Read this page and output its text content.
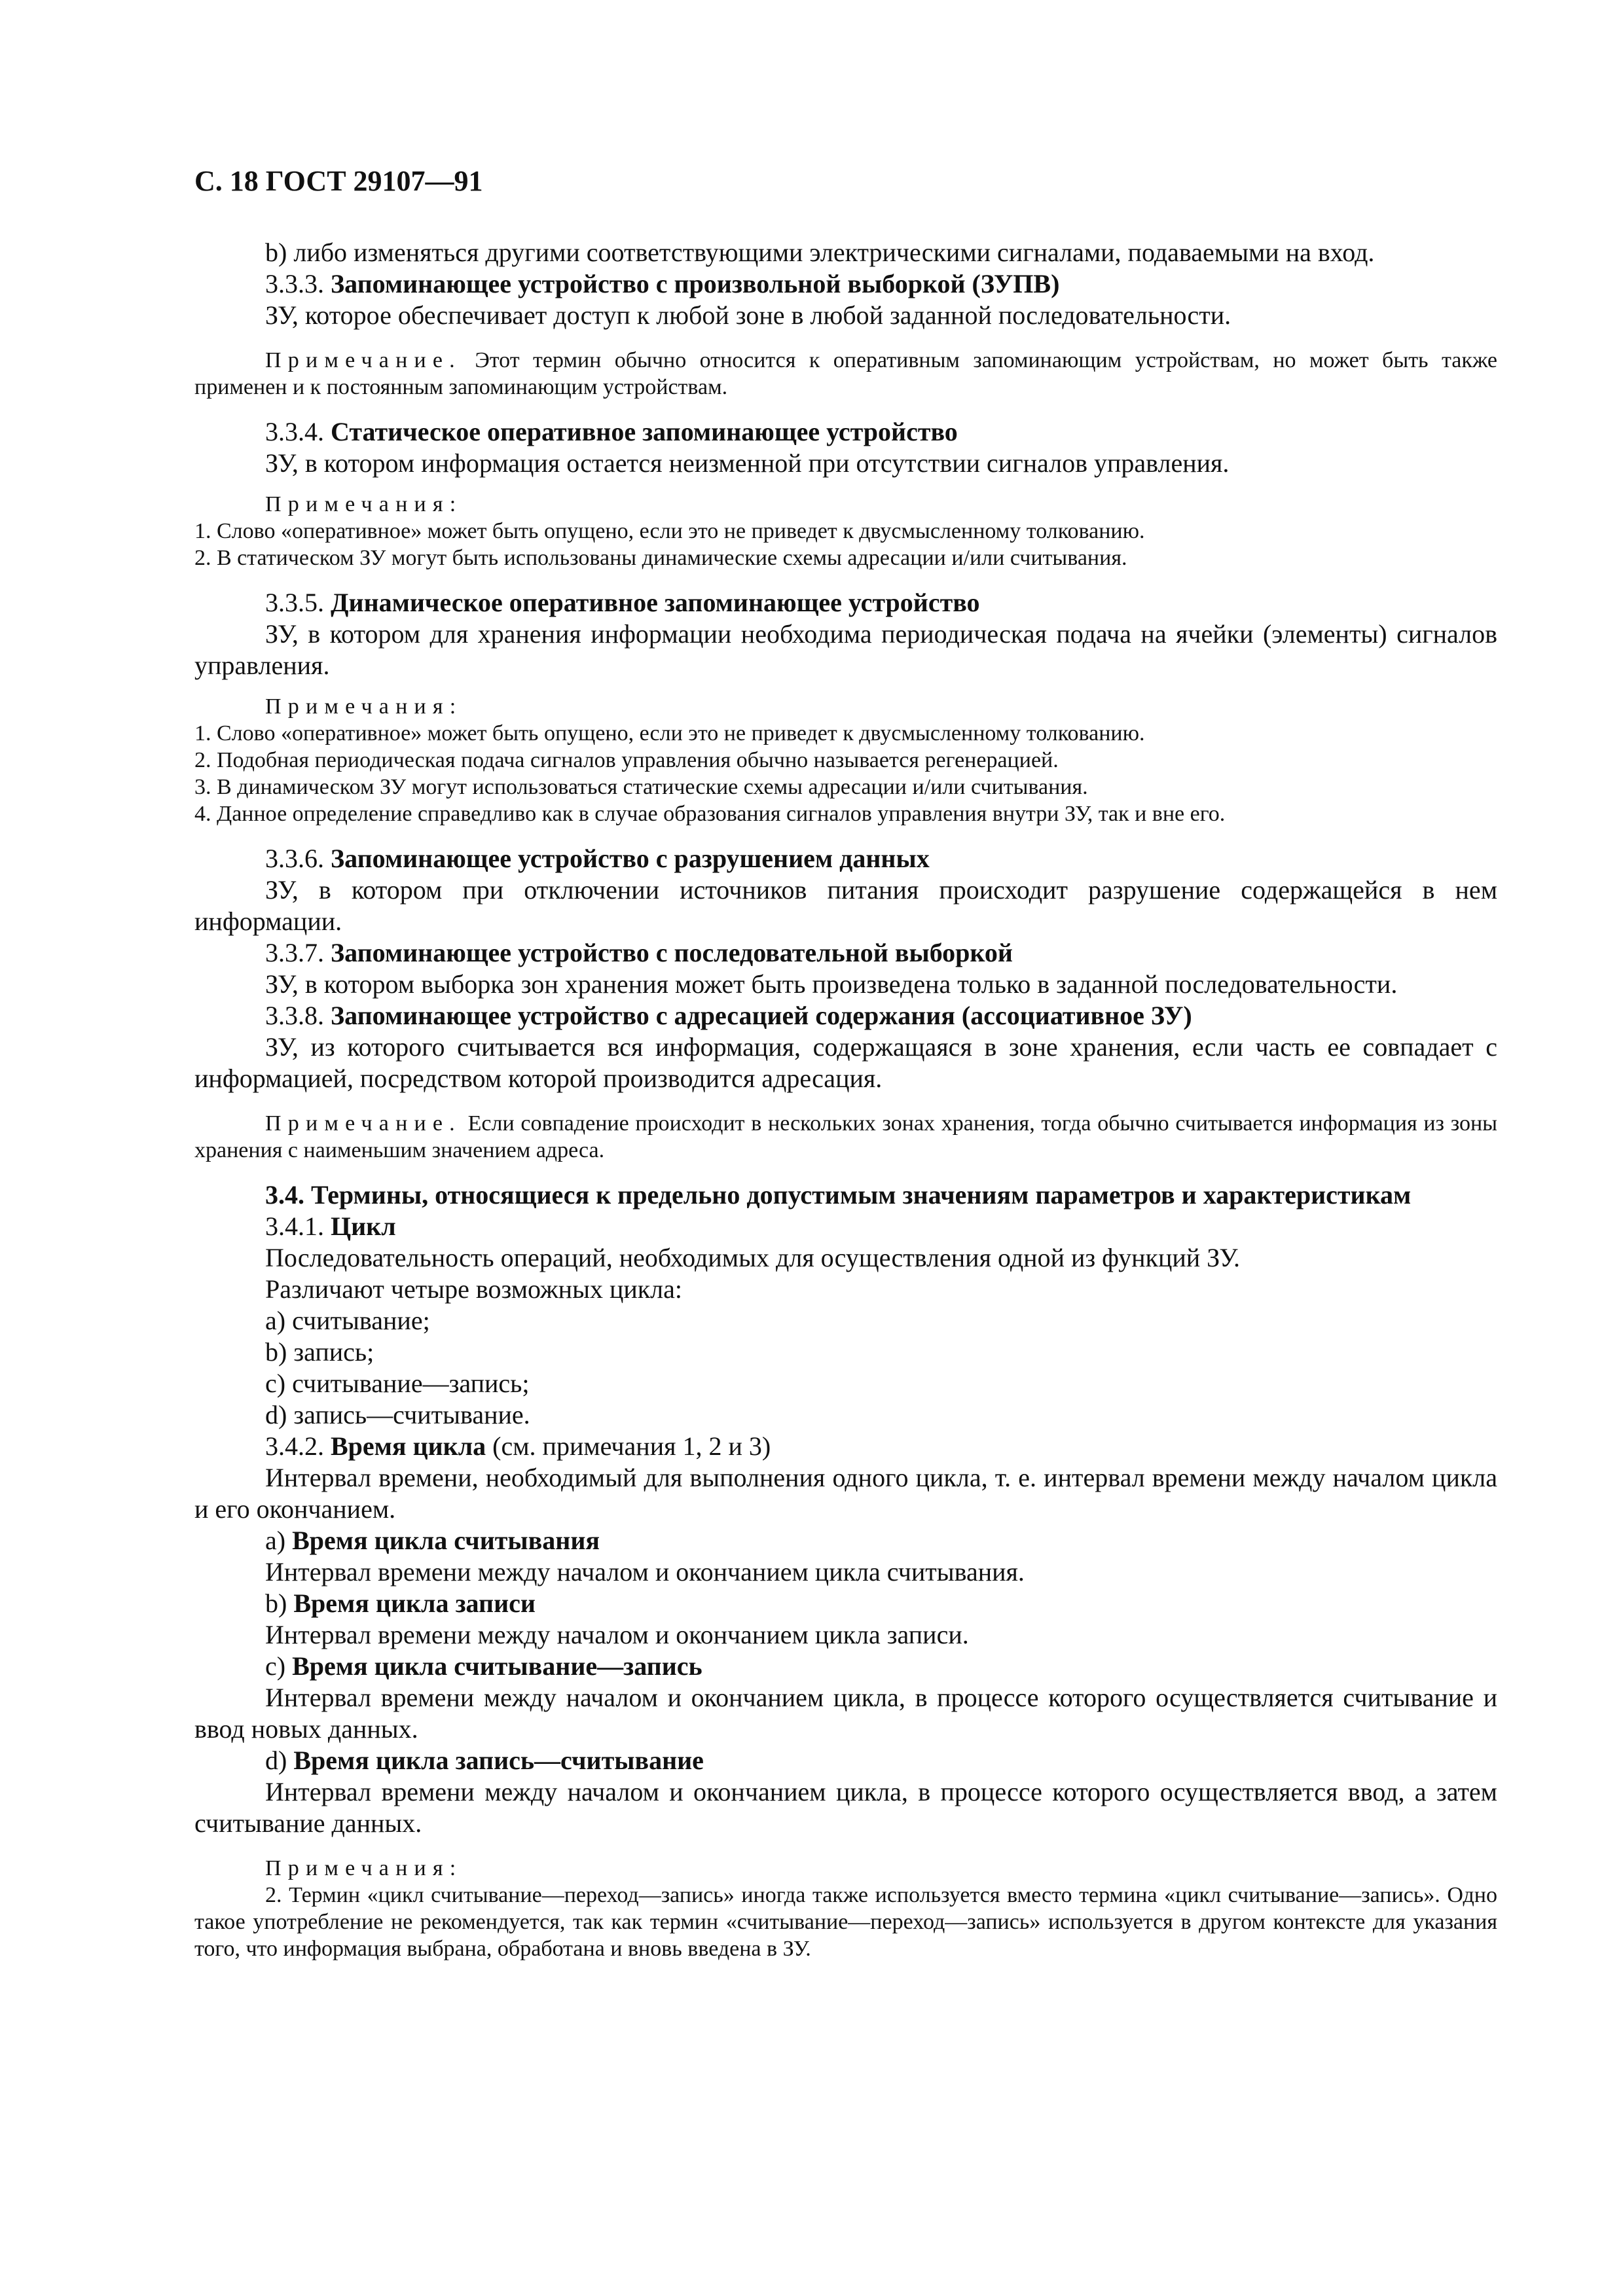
С. 18 ГОСТ 29107—91

b) либо изменяться другими соответствующими электрическими сигналами, подаваемыми на вход.

3.3.3. Запоминающее устройство с произвольной выборкой (ЗУПВ)

ЗУ, которое обеспечивает доступ к любой зоне в любой заданной последовательности.

Примечание. Этот термин обычно относится к оперативным запоминающим устройствам, но может быть также применен и к постоянным запоминающим устройствам.

3.3.4. Статическое оперативное запоминающее устройство

ЗУ, в котором информация остается неизменной при отсутствии сигналов управления.

Примечания:

1. Слово «оперативное» может быть опущено, если это не приведет к двусмысленному толкованию.

2. В статическом ЗУ могут быть использованы динамические схемы адресации и/или считывания.

3.3.5. Динамическое оперативное запоминающее устройство

ЗУ, в котором для хранения информации необходима периодическая подача на ячейки (элементы) сигналов управления.

Примечания:

1. Слово «оперативное» может быть опущено, если это не приведет к двусмысленному толкованию.

2. Подобная периодическая подача сигналов управления обычно называется регенерацией.

3. В динамическом ЗУ могут использоваться статические схемы адресации и/или считывания.

4. Данное определение справедливо как в случае образования сигналов управления внутри ЗУ, так и вне его.

3.3.6. Запоминающее устройство с разрушением данных

ЗУ, в котором при отключении источников питания происходит разрушение содержащейся в нем информации.

3.3.7. Запоминающее устройство с последовательной выборкой

ЗУ, в котором выборка зон хранения может быть произведена только в заданной последовательности.

3.3.8. Запоминающее устройство с адресацией содержания (ассоциативное ЗУ)

ЗУ, из которого считывается вся информация, содержащаяся в зоне хранения, если часть ее совпадает с информацией, посредством которой производится адресация.

Примечание. Если совпадение происходит в нескольких зонах хранения, тогда обычно считывается информация из зоны хранения с наименьшим значением адреса.

3.4. Термины, относящиеся к предельно допустимым значениям параметров и характеристикам

3.4.1. Цикл

Последовательность операций, необходимых для осуществления одной из функций ЗУ.

Различают четыре возможных цикла:

а) считывание;

b) запись;

c) считывание—запись;

d) запись—считывание.

3.4.2. Время цикла (см. примечания 1, 2 и 3)

Интервал времени, необходимый для выполнения одного цикла, т. е. интервал времени между началом цикла и его окончанием.

а) Время цикла считывания

Интервал времени между началом и окончанием цикла считывания.

b) Время цикла записи

Интервал времени между началом и окончанием цикла записи.

c) Время цикла считывание—запись

Интервал времени между началом и окончанием цикла, в процессе которого осуществляется считывание и ввод новых данных.

d) Время цикла запись—считывание

Интервал времени между началом и окончанием цикла, в процессе которого осуществляется ввод, а затем считывание данных.

Примечания:

2. Термин «цикл считывание—переход—запись» иногда также используется вместо термина «цикл считывание—запись». Одно такое употребление не рекомендуется, так как термин «считывание—переход—запись» используется в другом контексте для указания того, что информация выбрана, обработана и вновь введена в ЗУ.
